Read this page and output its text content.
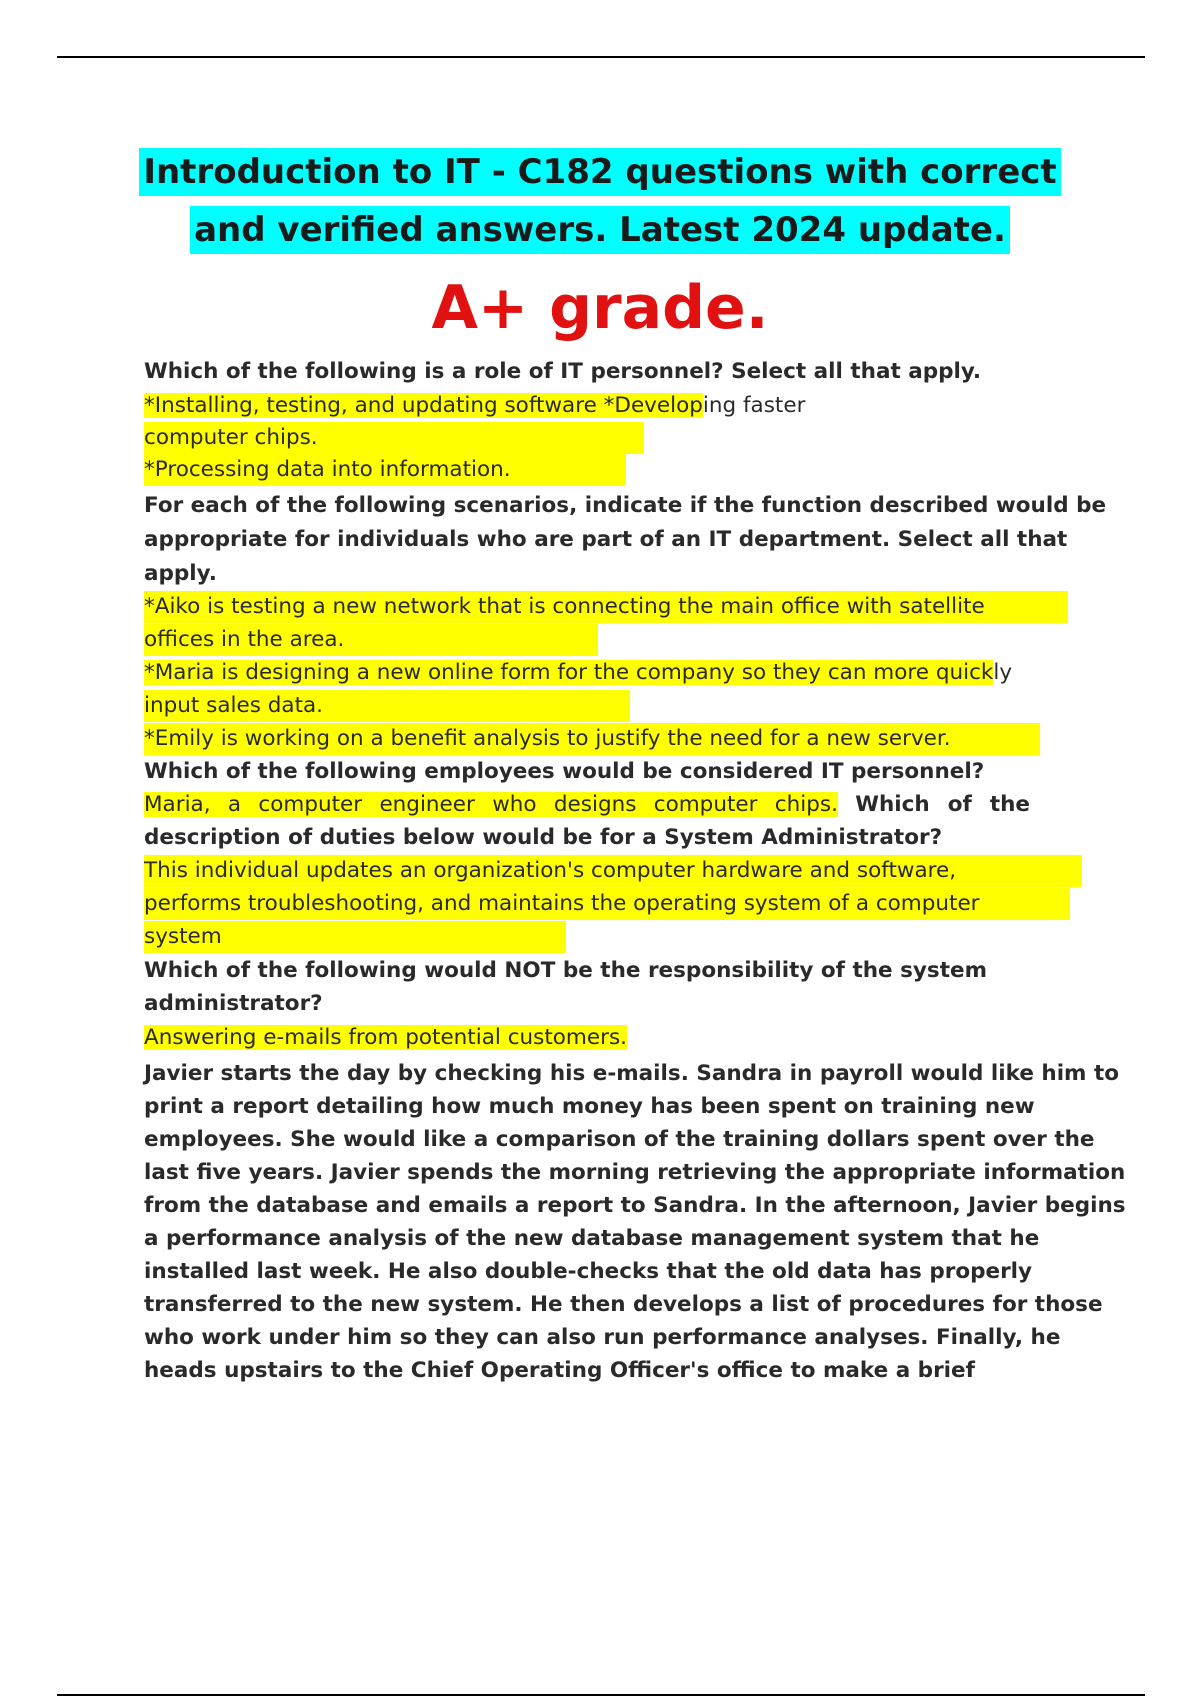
Introduction to IT - C182 questions with correct
and verified answers. Latest 2024 update.
A+ grade.
Which of the following is a role of IT personnel? Select all that apply.
*Installing, testing, and updating software *Developing faster
computer chips.
*Processing data into information.
For each of the following scenarios, indicate if the function described would be
appropriate for individuals who are part of an IT department. Select all that
apply.
*Aiko is testing a new network that is connecting the main office with satellite
offices in the area.
*Maria is designing a new online form for the company so they can more quickly
input sales data.
*Emily is working on a benefit analysis to justify the need for a new server.
Which of the following employees would be considered IT personnel?
Maria, a computer engineer who designs computer chips. Which of the
description of duties below would be for a System Administrator?
This individual updates an organization's computer hardware and software,
performs troubleshooting, and maintains the operating system of a computer
system
Which of the following would NOT be the responsibility of the system
administrator?
Answering e-mails from potential customers.
Javier starts the day by checking his e-mails. Sandra in payroll would like him to
print a report detailing how much money has been spent on training new
employees. She would like a comparison of the training dollars spent over the
last five years. Javier spends the morning retrieving the appropriate information
from the database and emails a report to Sandra. In the afternoon, Javier begins
a performance analysis of the new database management system that he
installed last week. He also double-checks that the old data has properly
transferred to the new system. He then develops a list of procedures for those
who work under him so they can also run performance analyses. Finally, he
heads upstairs to the Chief Operating Officer's office to make a brief
